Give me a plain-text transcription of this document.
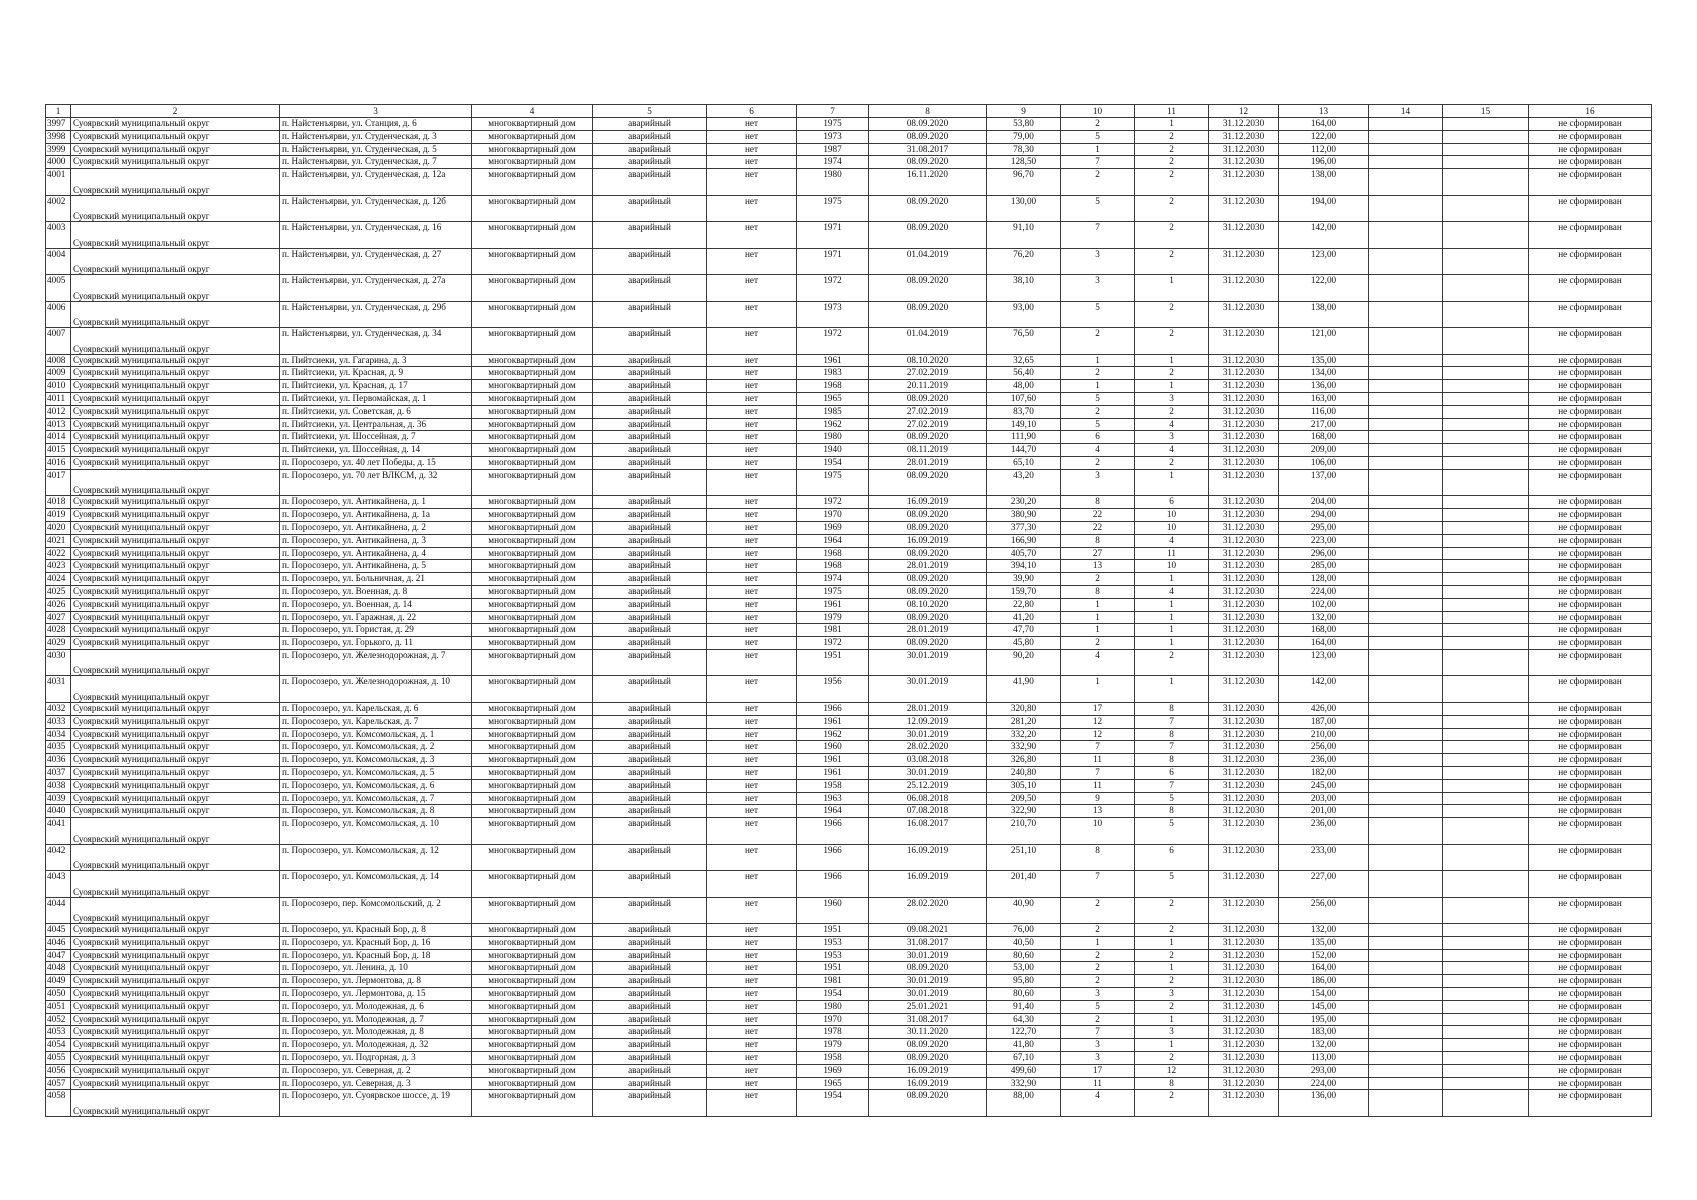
1	2	3	4	5	6	7	8	9	10	11	12	13	14	15	16
3997	Суоярвский муниципальный округ	п. Найстенъярви, ул. Станция, д. 6	многоквартирный дом	аварийный	нет	1975	08.09.2020	53,80	2	1	31.12.2030	164,00			не сформирован
3998	Суоярвский муниципальный округ	п. Найстенъярви, ул. Студенческая, д. 3	многоквартирный дом	аварийный	нет	1973	08.09.2020	79,00	5	2	31.12.2030	122,00			не сформирован
3999	Суоярвский муниципальный округ	п. Найстенъярви, ул. Студенческая, д. 5	многоквартирный дом	аварийный	нет	1987	31.08.2017	78,30	1	2	31.12.2030	112,00			не сформирован
4000	Суоярвский муниципальный округ	п. Найстенъярви, ул. Студенческая, д. 7	многоквартирный дом	аварийный	нет	1974	08.09.2020	128,50	7	2	31.12.2030	196,00			не сформирован
4001	Суоярвский муниципальный округ	п. Найстенъярви, ул. Студенческая, д. 12а	многоквартирный дом	аварийный	нет	1980	16.11.2020	96,70	2	2	31.12.2030	138,00			не сформирован
4002	Суоярвский муниципальный округ	п. Найстенъярви, ул. Студенческая, д. 12б	многоквартирный дом	аварийный	нет	1975	08.09.2020	130,00	5	2	31.12.2030	194,00			не сформирован
4003	Суоярвский муниципальный округ	п. Найстенъярви, ул. Студенческая, д. 16	многоквартирный дом	аварийный	нет	1971	08.09.2020	91,10	7	2	31.12.2030	142,00			не сформирован
4004	Суоярвский муниципальный округ	п. Найстенъярви, ул. Студенческая, д. 27	многоквартирный дом	аварийный	нет	1971	01.04.2019	76,20	3	2	31.12.2030	123,00			не сформирован
4005	Суоярвский муниципальный округ	п. Найстенъярви, ул. Студенческая, д. 27а	многоквартирный дом	аварийный	нет	1972	08.09.2020	38,10	3	1	31.12.2030	122,00			не сформирован
4006	Суоярвский муниципальный округ	п. Найстенъярви, ул. Студенческая, д. 29б	многоквартирный дом	аварийный	нет	1973	08.09.2020	93,00	5	2	31.12.2030	138,00			не сформирован
4007	Суоярвский муниципальный округ	п. Найстенъярви, ул. Студенческая, д. 34	многоквартирный дом	аварийный	нет	1972	01.04.2019	76,50	2	2	31.12.2030	121,00			не сформирован
4008	Суоярвский муниципальный округ	п. Пийтсиеки, ул. Гагарина, д. 3	многоквартирный дом	аварийный	нет	1961	08.10.2020	32,65	1	1	31.12.2030	135,00			не сформирован
4009	Суоярвский муниципальный округ	п. Пийтсиеки, ул. Красная, д. 9	многоквартирный дом	аварийный	нет	1983	27.02.2019	56,40	2	2	31.12.2030	134,00			не сформирован
4010	Суоярвский муниципальный округ	п. Пийтсиеки, ул. Красная, д. 17	многоквартирный дом	аварийный	нет	1968	20.11.2019	48,00	1	1	31.12.2030	136,00			не сформирован
4011	Суоярвский муниципальный округ	п. Пийтсиеки, ул. Первомайская, д. 1	многоквартирный дом	аварийный	нет	1965	08.09.2020	107,60	5	3	31.12.2030	163,00			не сформирован
4012	Суоярвский муниципальный округ	п. Пийтсиеки, ул. Советская, д. 6	многоквартирный дом	аварийный	нет	1985	27.02.2019	83,70	2	2	31.12.2030	116,00			не сформирован
4013	Суоярвский муниципальный округ	п. Пийтсиеки, ул. Центральная, д. 36	многоквартирный дом	аварийный	нет	1962	27.02.2019	149,10	5	4	31.12.2030	217,00			не сформирован
4014	Суоярвский муниципальный округ	п. Пийтсиеки, ул. Шоссейная, д. 7	многоквартирный дом	аварийный	нет	1980	08.09.2020	111,90	6	3	31.12.2030	168,00			не сформирован
4015	Суоярвский муниципальный округ	п. Пийтсиеки, ул. Шоссейная, д. 14	многоквартирный дом	аварийный	нет	1940	08.11.2019	144,70	4	4	31.12.2030	209,00			не сформирован
4016	Суоярвский муниципальный округ	п. Поросозеро, ул. 40 лет Победы, д. 15	многоквартирный дом	аварийный	нет	1954	28.01.2019	65,10	2	2	31.12.2030	106,00			не сформирован
4017	Суоярвский муниципальный округ	п. Поросозеро, ул. 70 лет ВЛКСМ, д. 32	многоквартирный дом	аварийный	нет	1975	08.09.2020	43,20	3	1	31.12.2030	137,00			не сформирован
4018	Суоярвский муниципальный округ	п. Поросозеро, ул. Антикайнена, д. 1	многоквартирный дом	аварийный	нет	1972	16.09.2019	230,20	8	6	31.12.2030	204,00			не сформирован
4019	Суоярвский муниципальный округ	п. Поросозеро, ул. Антикайнена, д. 1а	многоквартирный дом	аварийный	нет	1970	08.09.2020	380,90	22	10	31.12.2030	294,00			не сформирован
4020	Суоярвский муниципальный округ	п. Поросозеро, ул. Антикайнена, д. 2	многоквартирный дом	аварийный	нет	1969	08.09.2020	377,30	22	10	31.12.2030	295,00			не сформирован
4021	Суоярвский муниципальный округ	п. Поросозеро, ул. Антикайнена, д. 3	многоквартирный дом	аварийный	нет	1964	16.09.2019	166,90	8	4	31.12.2030	223,00			не сформирован
4022	Суоярвский муниципальный округ	п. Поросозеро, ул. Антикайнена, д. 4	многоквартирный дом	аварийный	нет	1968	08.09.2020	405,70	27	11	31.12.2030	296,00			не сформирован
4023	Суоярвский муниципальный округ	п. Поросозеро, ул. Антикайнена, д. 5	многоквартирный дом	аварийный	нет	1968	28.01.2019	394,10	13	10	31.12.2030	285,00			не сформирован
4024	Суоярвский муниципальный округ	п. Поросозеро, ул. Больничная, д. 21	многоквартирный дом	аварийный	нет	1974	08.09.2020	39,90	2	1	31.12.2030	128,00			не сформирован
4025	Суоярвский муниципальный округ	п. Поросозеро, ул. Военная, д. 8	многоквартирный дом	аварийный	нет	1975	08.09.2020	159,70	8	4	31.12.2030	224,00			не сформирован
4026	Суоярвский муниципальный округ	п. Поросозеро, ул. Военная, д. 14	многоквартирный дом	аварийный	нет	1961	08.10.2020	22,80	1	1	31.12.2030	102,00			не сформирован
4027	Суоярвский муниципальный округ	п. Поросозеро, ул. Гаражная, д. 22	многоквартирный дом	аварийный	нет	1979	08.09.2020	41,20	1	1	31.12.2030	132,00			не сформирован
4028	Суоярвский муниципальный округ	п. Поросозеро, ул. Гористая, д. 29	многоквартирный дом	аварийный	нет	1981	28.01.2019	47,70	1	1	31.12.2030	168,00			не сформирован
4029	Суоярвский муниципальный округ	п. Поросозеро, ул. Горького, д. 11	многоквартирный дом	аварийный	нет	1972	08.09.2020	45,80	2	1	31.12.2030	164,00			не сформирован
4030	Суоярвский муниципальный округ	п. Поросозеро, ул. Железнодорожная, д. 7	многоквартирный дом	аварийный	нет	1951	30.01.2019	90,20	4	2	31.12.2030	123,00			не сформирован
4031	Суоярвский муниципальный округ	п. Поросозеро, ул. Железнодорожная, д. 10	многоквартирный дом	аварийный	нет	1956	30.01.2019	41,90	1	1	31.12.2030	142,00			не сформирован
4032	Суоярвский муниципальный округ	п. Поросозеро, ул. Карельская, д. 6	многоквартирный дом	аварийный	нет	1966	28.01.2019	320,80	17	8	31.12.2030	426,00			не сформирован
4033	Суоярвский муниципальный округ	п. Поросозеро, ул. Карельская, д. 7	многоквартирный дом	аварийный	нет	1961	12.09.2019	281,20	12	7	31.12.2030	187,00			не сформирован
4034	Суоярвский муниципальный округ	п. Поросозеро, ул. Комсомольская, д. 1	многоквартирный дом	аварийный	нет	1962	30.01.2019	332,20	12	8	31.12.2030	210,00			не сформирован
4035	Суоярвский муниципальный округ	п. Поросозеро, ул. Комсомольская, д. 2	многоквартирный дом	аварийный	нет	1960	28.02.2020	332,90	7	7	31.12.2030	256,00			не сформирован
4036	Суоярвский муниципальный округ	п. Поросозеро, ул. Комсомольская, д. 3	многоквартирный дом	аварийный	нет	1961	03.08.2018	326,80	11	8	31.12.2030	236,00			не сформирован
4037	Суоярвский муниципальный округ	п. Поросозеро, ул. Комсомольская, д. 5	многоквартирный дом	аварийный	нет	1961	30.01.2019	240,80	7	6	31.12.2030	182,00			не сформирован
4038	Суоярвский муниципальный округ	п. Поросозеро, ул. Комсомольская, д. 6	многоквартирный дом	аварийный	нет	1958	25.12.2019	305,10	11	7	31.12.2030	245,00			не сформирован
4039	Суоярвский муниципальный округ	п. Поросозеро, ул. Комсомольская, д. 7	многоквартирный дом	аварийный	нет	1963	06.08.2018	209,50	9	5	31.12.2030	203,00			не сформирован
4040	Суоярвский муниципальный округ	п. Поросозеро, ул. Комсомольская, д. 8	многоквартирный дом	аварийный	нет	1964	07.08.2018	322,90	13	8	31.12.2030	201,00			не сформирован
4041	Суоярвский муниципальный округ	п. Поросозеро, ул. Комсомольская, д. 10	многоквартирный дом	аварийный	нет	1966	16.08.2017	210,70	10	5	31.12.2030	236,00			не сформирован
4042	Суоярвский муниципальный округ	п. Поросозеро, ул. Комсомольская, д. 12	многоквартирный дом	аварийный	нет	1966	16.09.2019	251,10	8	6	31.12.2030	233,00			не сформирован
4043	Суоярвский муниципальный округ	п. Поросозеро, ул. Комсомольская, д. 14	многоквартирный дом	аварийный	нет	1966	16.09.2019	201,40	7	5	31.12.2030	227,00			не сформирован
4044	Суоярвский муниципальный округ	п. Поросозеро, пер. Комсомольский, д. 2	многоквартирный дом	аварийный	нет	1960	28.02.2020	40,90	2	2	31.12.2030	256,00			не сформирован
4045	Суоярвский муниципальный округ	п. Поросозеро, ул. Красный Бор, д. 8	многоквартирный дом	аварийный	нет	1951	09.08.2021	76,00	2	2	31.12.2030	132,00			не сформирован
4046	Суоярвский муниципальный округ	п. Поросозеро, ул. Красный Бор, д. 16	многоквартирный дом	аварийный	нет	1953	31.08.2017	40,50	1	1	31.12.2030	135,00			не сформирован
4047	Суоярвский муниципальный округ	п. Поросозеро, ул. Красный Бор, д. 18	многоквартирный дом	аварийный	нет	1953	30.01.2019	80,60	2	2	31.12.2030	152,00			не сформирован
4048	Суоярвский муниципальный округ	п. Поросозеро, ул. Ленина, д. 10	многоквартирный дом	аварийный	нет	1951	08.09.2020	53,00	2	1	31.12.2030	164,00			не сформирован
4049	Суоярвский муниципальный округ	п. Поросозеро, ул. Лермонтова, д. 8	многоквартирный дом	аварийный	нет	1981	30.01.2019	95,80	2	2	31.12.2030	186,00			не сформирован
4050	Суоярвский муниципальный округ	п. Поросозеро, ул. Лермонтова, д. 15	многоквартирный дом	аварийный	нет	1954	30.01.2019	80,60	3	3	31.12.2030	154,00			не сформирован
4051	Суоярвский муниципальный округ	п. Поросозеро, ул. Молодежная, д. 6	многоквартирный дом	аварийный	нет	1980	25.01.2021	91,40	5	2	31.12.2030	145,00			не сформирован
4052	Суоярвский муниципальный округ	п. Поросозеро, ул. Молодежная, д. 7	многоквартирный дом	аварийный	нет	1970	31.08.2017	64,30	2	1	31.12.2030	195,00			не сформирован
4053	Суоярвский муниципальный округ	п. Поросозеро, ул. Молодежная, д. 8	многоквартирный дом	аварийный	нет	1978	30.11.2020	122,70	7	3	31.12.2030	183,00			не сформирован
4054	Суоярвский муниципальный округ	п. Поросозеро, ул. Молодежная, д. 32	многоквартирный дом	аварийный	нет	1979	08.09.2020	41,80	3	1	31.12.2030	132,00			не сформирован
4055	Суоярвский муниципальный округ	п. Поросозеро, ул. Подгорная, д. 3	многоквартирный дом	аварийный	нет	1958	08.09.2020	67,10	3	2	31.12.2030	113,00			не сформирован
4056	Суоярвский муниципальный округ	п. Поросозеро, ул. Северная, д. 2	многоквартирный дом	аварийный	нет	1969	16.09.2019	499,60	17	12	31.12.2030	293,00			не сформирован
4057	Суоярвский муниципальный округ	п. Поросозеро, ул. Северная, д. 3	многоквартирный дом	аварийный	нет	1965	16.09.2019	332,90	11	8	31.12.2030	224,00			не сформирован
4058	Суоярвский муниципальный округ	п. Поросозеро, ул. Суоярвское шоссе, д. 19	многоквартирный дом	аварийный	нет	1954	08.09.2020	88,00	4	2	31.12.2030	136,00			не сформирован
